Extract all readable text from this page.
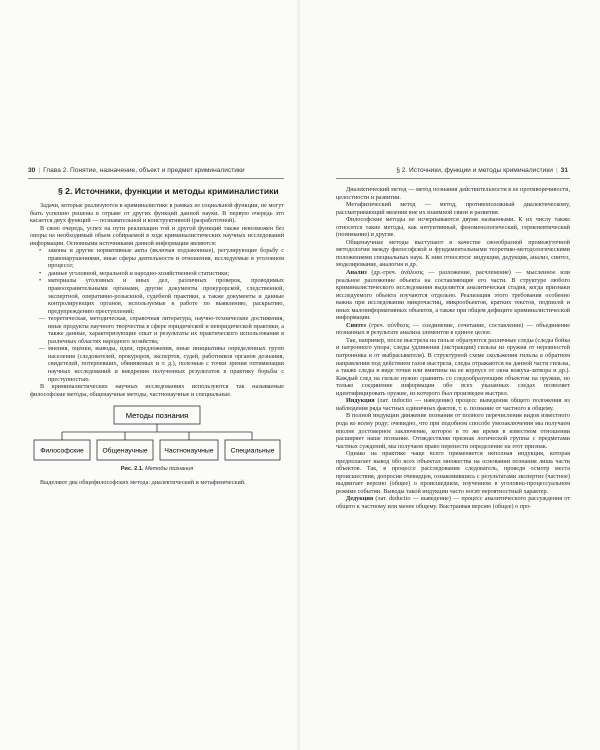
30 | Глава 2. Понятие, назначение, объект и предмет криминалистики
§ 2. Источники, функции и методы криминалистики

Задачи, которые реализуются в криминалистике в рамках ее социальной функции, не могут быть успешно решены в отрыве от других функций данной науки. В первую очередь это касается двух функций — познавательной и конструктивной (разработочной).

В свою очередь, успех на пути реализации той и другой функций также невозможен без опоры на необходимый объем собираемой в ходе криминалистических научных исследований информации. Основными источниками данной информации являются:

• законы и другие нормативные акты (включая подзаконные), регулирующие борьбу с правонарушениями, иные сферы деятельности и отношения, исследуемые в уголовном процессе;
• данные уголовной, моральной и народно-хозяйственной статистики;
• материалы уголовных и иных дел, различных проверок, проводимых правоохранительными органами, другие документы прокурорской, следственной, экспертной, оперативно-розыскной, судебной практики, а также документы и данные контролирующих органов, используемые в работе по выявлению, раскрытию, предупреждению преступлений;
— теоретическая, методическая, справочная литература, научно-технические достижения, иные продукты научного творчества в сфере юридической и неюридической практики, а также данные, характеризующие опыт и результаты их практического использования в различных областях народного хозяйства;
— мнения, оценки, выводы, идеи, предложения, иные инициативы определенных групп населения (следователей, прокуроров, экспертов, судей, работников органов дознания, свидетелей, потерпевших, обвиняемых и т. д.), полезные с точки зрения оптимизации научных исследований и внедрения полученных результатов в практику борьбы с преступностью.

В криминалистических научных исследованиях используются так называемые философские методы, общенаучные методы, частнонаучные и специальные.

Методы познания
Философские	Общенаучные Частнонаучные	Специальные
Рис. 2.1. Методы познания

Выделяют два общефилософских метода: диалектический и метафизический.

§ 2. Источники, функции и методы криминалистики | 31

Диалектический метод — метод познания действительности в ее противоречивости, целостности и развитии.

Метафизический метод — метод, противоположный диалектическому, рассматривающий явления вне их взаимной связи и развития.

Философские методы не исчерпываются двумя названными. К их числу также относятся такие методы, как интуитивный, феноменологический, герменевтический (понимание) и другие.

Общенаучные методы выступают в качестве своеобразной промежуточной методологии между философской и фундаментальными теоретико-методологическими положениями специальных наук. К ним относятся: индукция, дедукция, анализ, синтез, моделирование, аналогия и др.

Анализ (др.-греч. ἀνάλυσις — разложение, расчленение) — мысленное или реальное разложение объекта на составляющие его части. В структуре любого криминалистического исследования выделяется аналитическая стадия, когда признаки исследуемого объекта изучаются отдельно. Реализация этого требования особенно важна при исследовании микрочастиц, микрообъектов, кратких текстов, подписей и иных малоинформативных объектов, а также при общем дефиците криминалистической информации.

Синтез (греч. σύνθεσις — соединение, сочетание, составление) — объединение познанных в результате анализа элементов в единое целое.

Так, например, после выстрела на гильзе образуются различные следы (следы бойка и патронного упора; следы удлинения (экстракции) гильзы из оружия от неровностей патронника и от выбрасывателя). В структурной схеме скольжения гильзы в обратном направлении под действием газов выстрела, следы отражаются на данной части гильзы, а также следы в виде точки или вмятины на ее корпусе от окна кожуха-затвора и др.). Каждый след на гильзе нужно сравнить со следообразующим объектом на оружии, но только соединение информации обо всех указанных следах позволяет идентифицировать оружие, из которого был произведен выстрел.

Индукция (лат. inductio — наведение) процесс выведения общего положения из наблюдения ряда частных единичных фактов, т. е. познание от частного к общему.

В полной индукции движение познания от полного перечисления видов известного рода ко всему роду; очевидно, что при подобном способе умозаключения мы получаем вполне достоверное заключение, которое в то же время в известном отношении расширяет наше познание. Отождествляя признак логической группы с предметами частных суждений, мы получаем право перенести определение на этот признак.

Однако на практике чаще всего применяется неполная индукция, которая предполагает вывод обо всех объектах множества на основании познания лишь части объектов. Так, в процессе расследования следователь, проведя осмотр места происшествия, допросив очевидцев, ознакомившись с результатами экспертиз (частное) выдвигает версию (общее) о происшедшем, изученном в уголовно-процессуальном режиме событии. Выводы такой индукции часто носят вероятностный характер.

Дедукция (лат. deductio — выведение) — процесс аналитического рассуждения от общего к частному или менее общему. Выстраивая версию (общее) о про-
